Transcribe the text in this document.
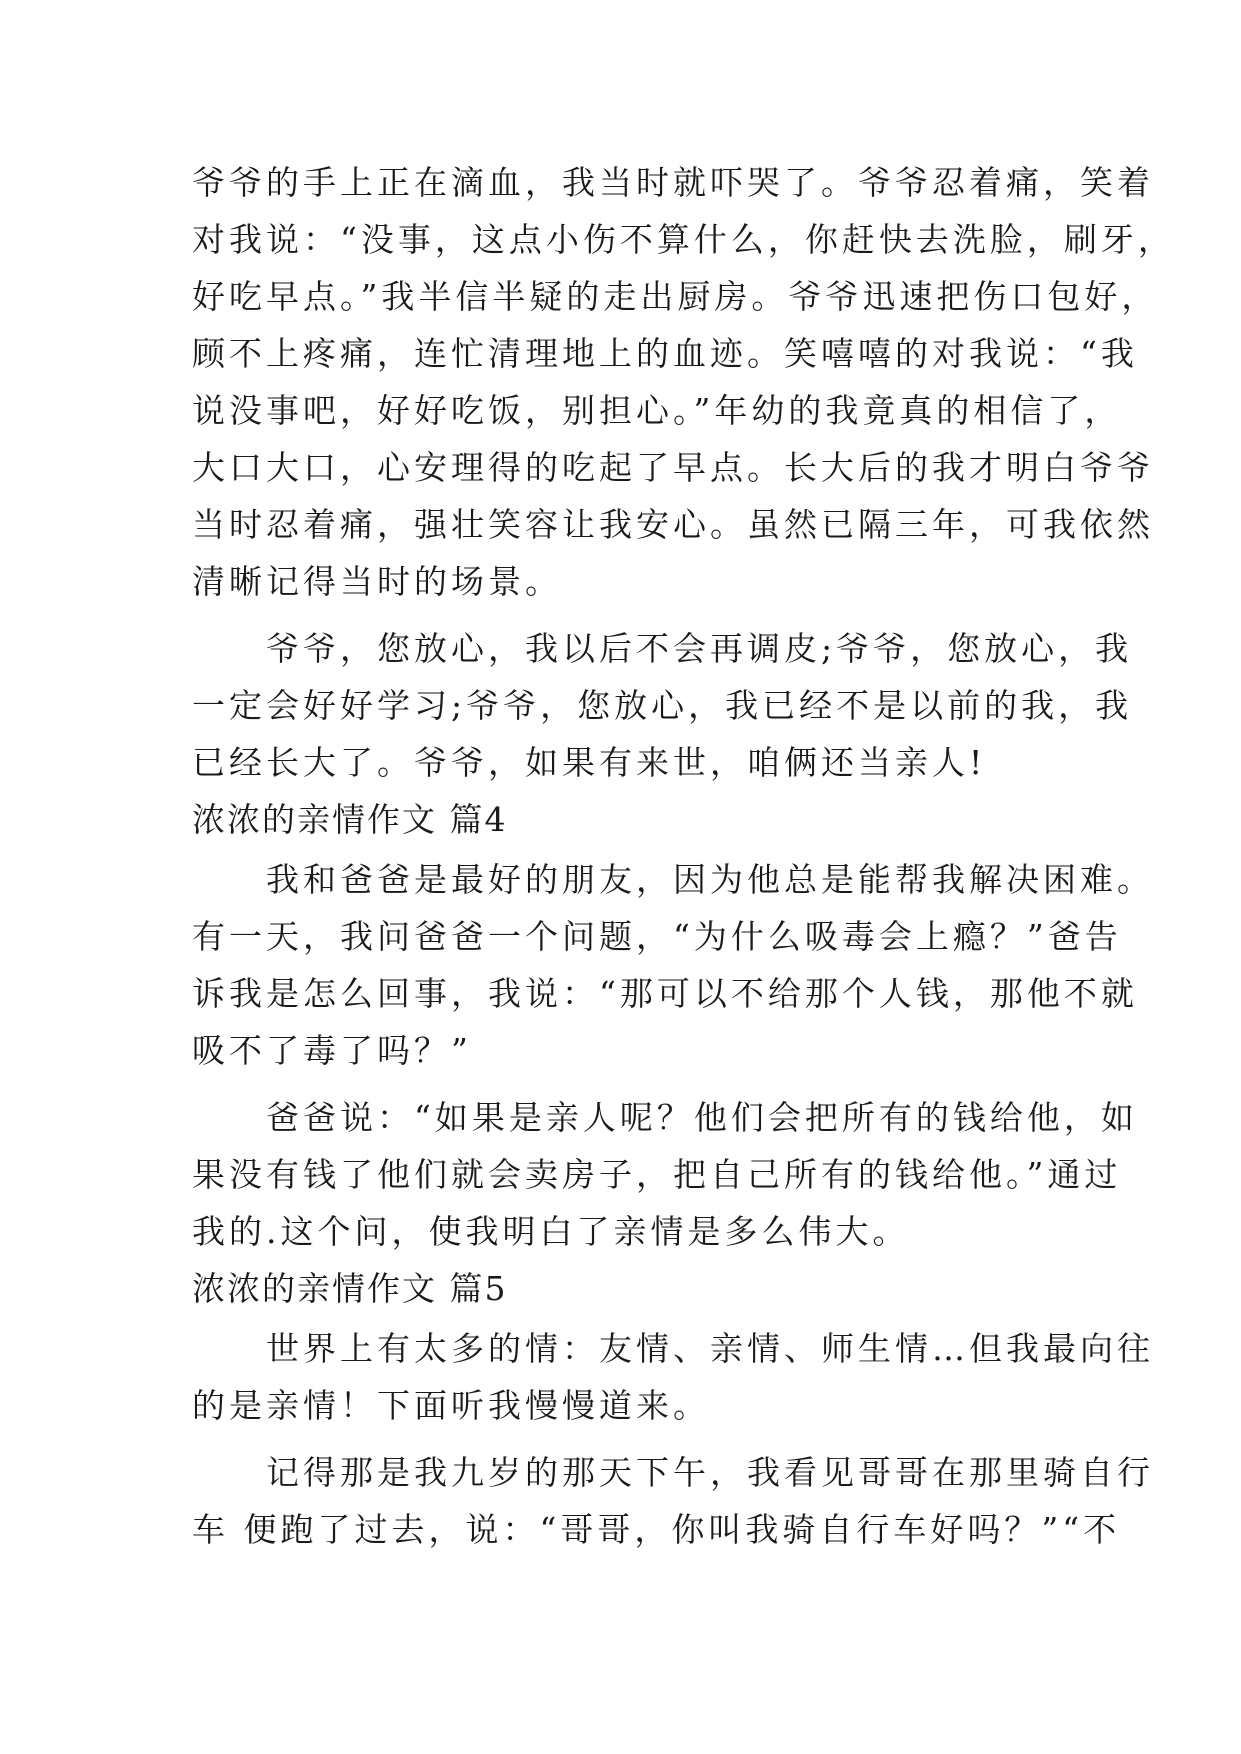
爷爷的手上正在滴血，我当时就吓哭了。爷爷忍着痛，笑着
对我说：“没事，这点小伤不算什么，你赶快去洗脸，刷牙，
好吃早点。”我半信半疑的走出厨房。爷爷迅速把伤口包好，
顾不上疼痛，连忙清理地上的血迹。笑嘻嘻的对我说：“我
说没事吧，好好吃饭，别担心。”年幼的我竟真的相信了，
大口大口，心安理得的吃起了早点。长大后的我才明白爷爷
当时忍着痛，强壮笑容让我安心。虽然已隔三年，可我依然
清晰记得当时的场景。
　　爷爷，您放心，我以后不会再调皮;爷爷，您放心，我
一定会好好学习;爷爷，您放心，我已经不是以前的我，我
已经长大了。爷爷，如果有来世，咱俩还当亲人!
浓浓的亲情作文 篇4
　　我和爸爸是最好的朋友，因为他总是能帮我解决困难。
有一天，我问爸爸一个问题，“为什么吸毒会上瘾？”爸告
诉我是怎么回事，我说：“那可以不给那个人钱，那他不就
吸不了毒了吗？”
　　爸爸说：“如果是亲人呢？他们会把所有的钱给他，如
果没有钱了他们就会卖房子，把自己所有的钱给他。”通过
我的.这个问，使我明白了亲情是多么伟大。
浓浓的亲情作文 篇5
　　世界上有太多的情：友情、亲情、师生情…但我最向往
的是亲情！下面听我慢慢道来。
　　记得那是我九岁的那天下午，我看见哥哥在那里骑自行
车 便跑了过去，说：“哥哥，你叫我骑自行车好吗？”“不
